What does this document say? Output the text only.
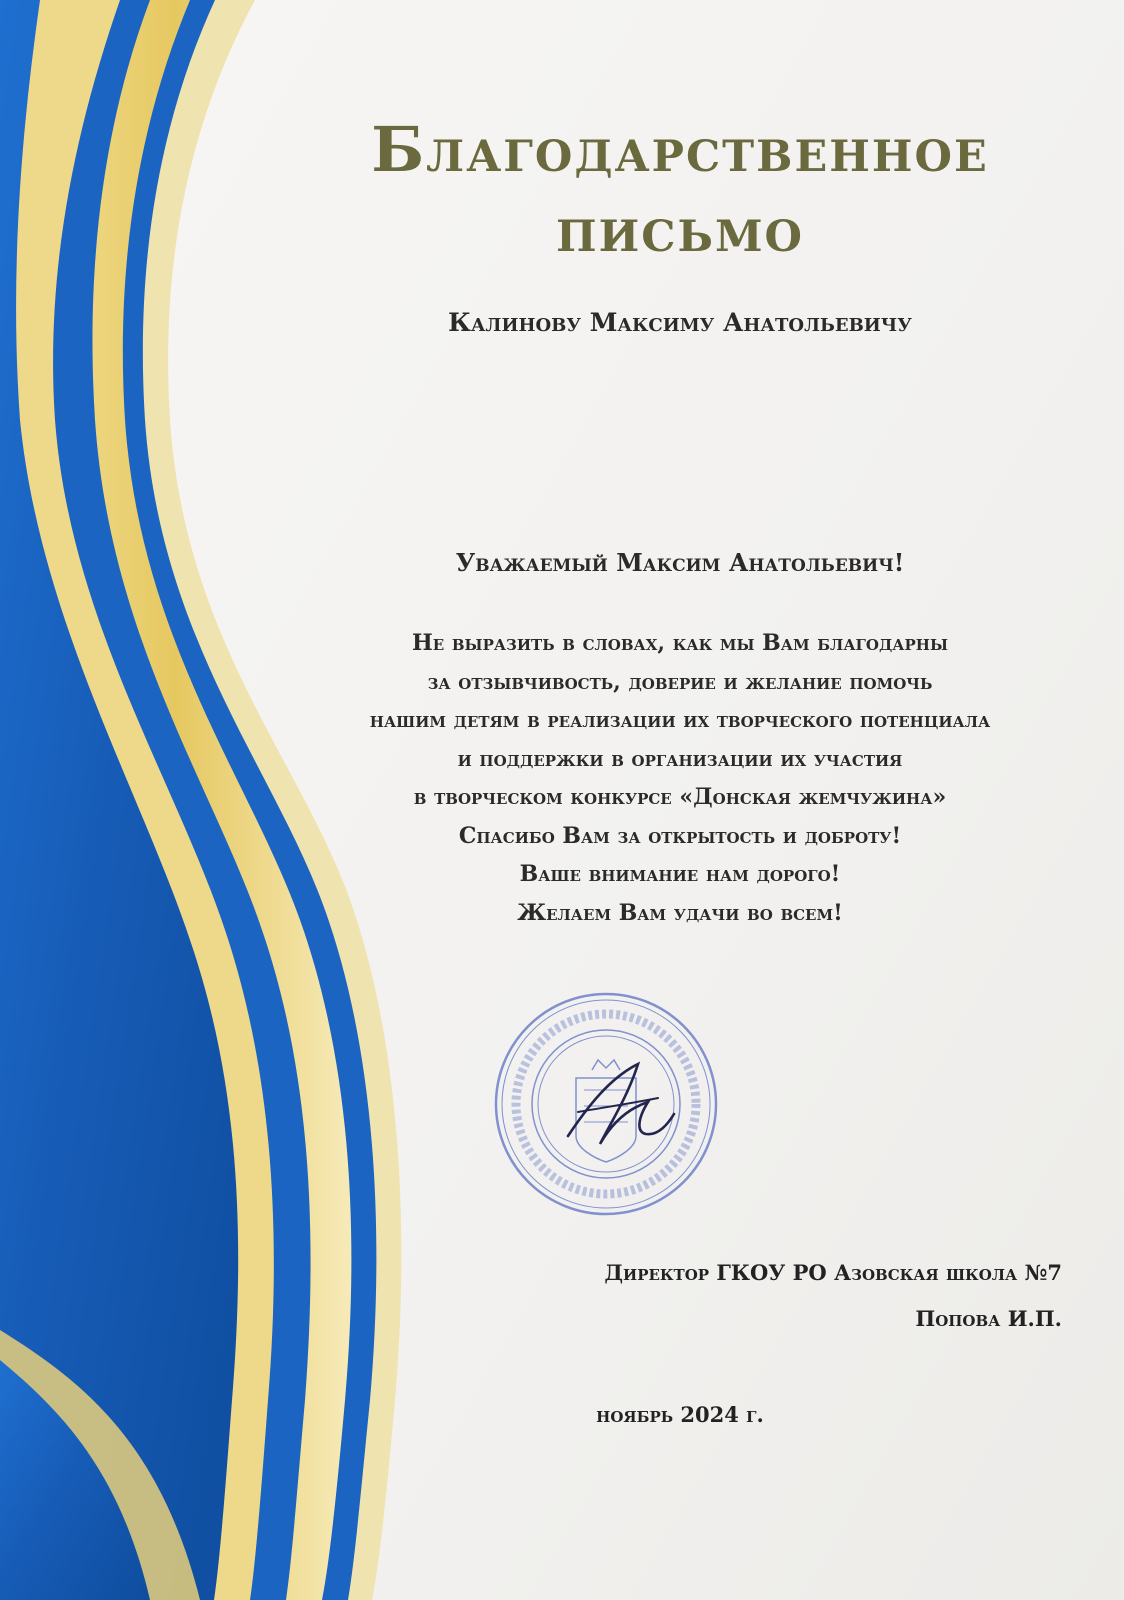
Благодарственное
письмо
Калинову Максиму Анатольевичу
Уважаемый Максим Анатольевич!
Не выразить в словах, как мы Вам благодарны
за отзывчивость, доверие и желание помочь
нашим детям в реализации их творческого потенциала
и поддержки в организации их участия
в творческом конкурсе «Донская жемчужина»
Спасибо Вам за открытость и доброту!
Ваше внимание нам дорого!
Желаем Вам удачи во всем!
Директор ГКОУ РО Азовская школа №7
Попова И.П.
ноябрь 2024 г.
